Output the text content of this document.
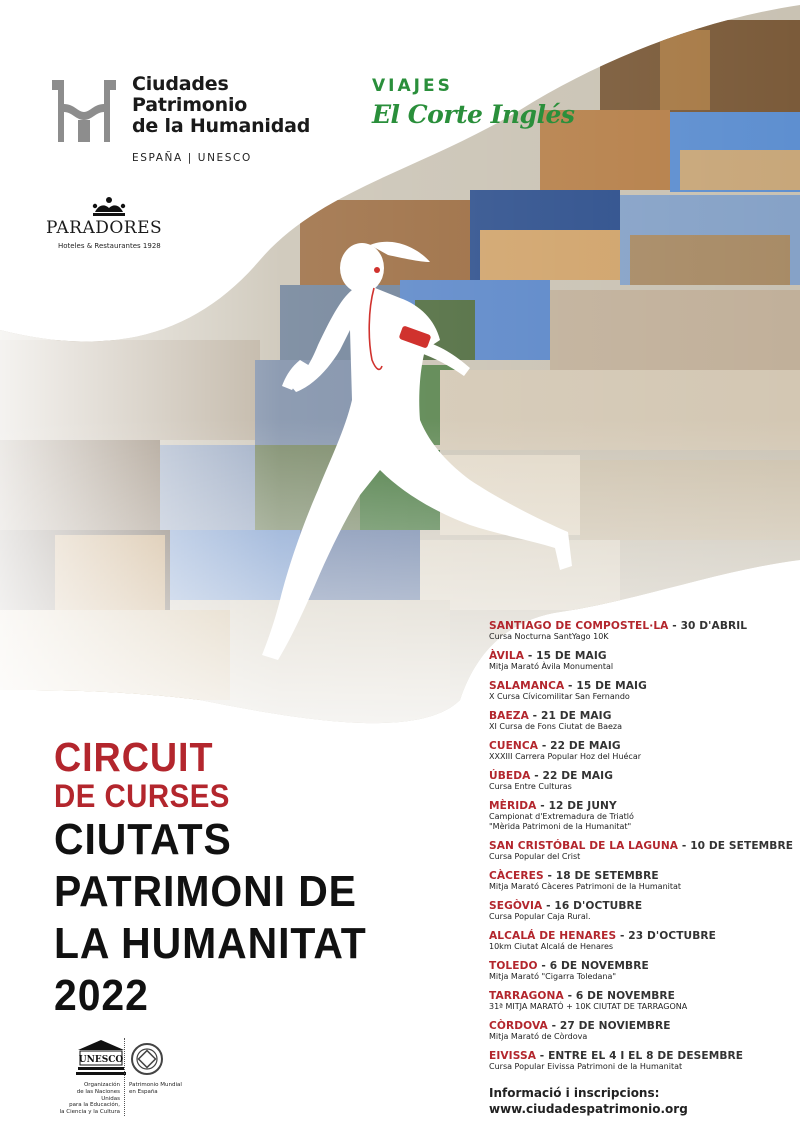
Ciudades
Patrimonio
de la Humanidad
ESPAÑA | UNESCO
VIAJES
El Corte Inglés
PARADORES
Hoteles & Restaurantes 1928
CIRCUIT
DE CURSES
CIUTATS
PATRIMONI DE
LA HUMANITAT
2022
SANTIAGO DE COMPOSTEL·LA - 30 D'ABRIL
Cursa Nocturna SantYago 10K
ÀVILA - 15 DE MAIG
Mitja Marató Àvila Monumental
SALAMANCA - 15 DE MAIG
X Cursa Cívicomilitar San Fernando
BAEZA - 21 DE MAIG
XI Cursa de Fons Ciutat de Baeza
CUENCA - 22 DE MAIG
XXXIII Carrera Popular Hoz del Huécar
ÚBEDA - 22 DE MAIG
Cursa Entre Culturas
MÈRIDA - 12 DE JUNY
Campionat d'Extremadura de Triatló
"Mèrida Patrimoni de la Humanitat"
SAN CRISTÓBAL DE LA LAGUNA - 10 DE SETEMBRE
Cursa Popular del Crist
CÀCERES - 18 DE SETEMBRE
Mitja Marató Càceres Patrimoni de la Humanitat
SEGÒVIA - 16 D'OCTUBRE
Cursa Popular Caja Rural.
ALCALÁ DE HENARES - 23 D'OCTUBRE
10km Ciutat Alcalá de Henares
TOLEDO - 6 DE NOVEMBRE
Mitja Marató "Cigarra Toledana"
TARRAGONA - 6 DE NOVEMBRE
31ª MITJA MARATÓ + 10K CIUTAT DE TARRAGONA
CÒRDOVA - 27 DE NOVIEMBRE
Mitja Marató de Còrdova
EIVISSA - ENTRE EL 4 I EL 8 DE DESEMBRE
Cursa Popular Eivissa Patrimoni de la Humanitat
Informació i inscripcions:
www.ciudadespatrimonio.org
UNESCO
Organización
de las Naciones Unidas
para la Educación,
la Ciencia y la Cultura
Patrimonio Mundial
en España
